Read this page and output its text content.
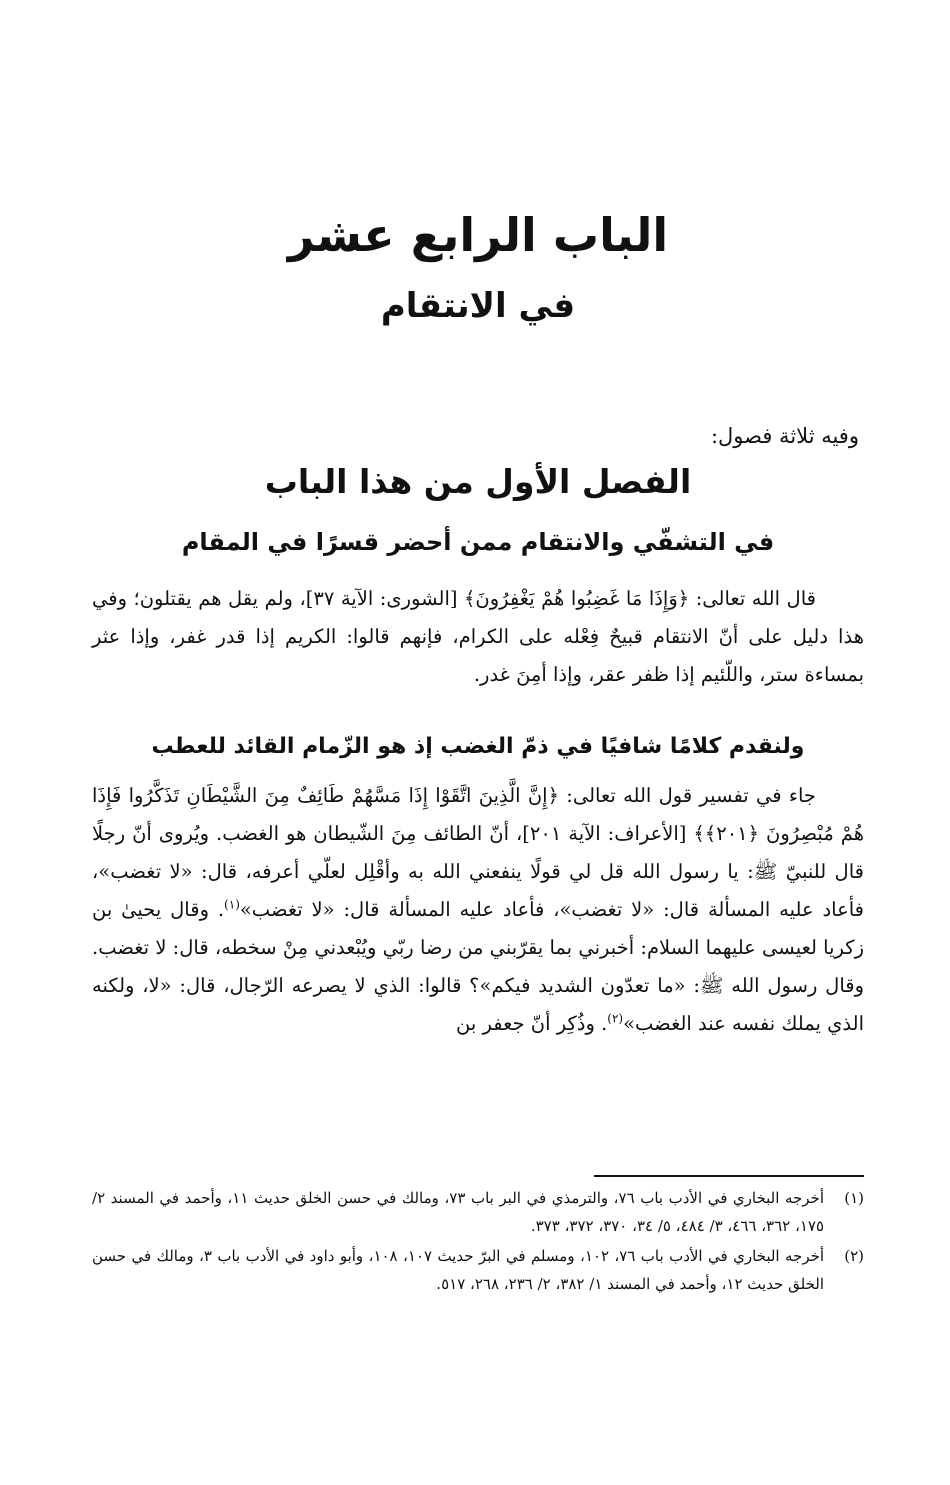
الباب الرابع عشر
في الانتقام

وفيه ثلاثة فصول:

الفصل الأول من هذا الباب
في التشفّي والانتقام ممن أحضر قسرًا في المقام

قال الله تعالى: ﴿وَإِذَا مَا غَضِبُوا هُمْ يَغْفِرُونَ﴾ [الشورى: الآية ٣٧]، ولم يقل هم يقتلون؛ وفي هذا دليل على أنّ الانتقام قبيحٌ فِعْله على الكرام، فإنهم قالوا: الكريم إذا قدر غفر، وإذا عثر بمساءة ستر، واللّئيم إذا ظفر عقر، وإذا أمِنَ غدر.

ولنقدم كلامًا شافيًا في ذمّ الغضب إذ هو الزّمام القائد للعطب

جاء في تفسير قول الله تعالى: ﴿إِنَّ الَّذِينَ اتَّقَوْا إِذَا مَسَّهُمْ طَائِفٌ مِنَ الشَّيْطَانِ تَذَكَّرُوا فَإِذَا هُمْ مُبْصِرُونَ ﴿٢٠١﴾﴾ [الأعراف: الآية ٢٠١]، أنّ الطائف مِنَ الشّيطان هو الغضب. ويُروى أنّ رجلًا قال للنبيّ ﷺ: يا رسول الله قل لي قولًا ينفعني الله به وأقْلِل لعلّي أعرفه، قال: «لا تغضب»، فأعاد عليه المسألة قال: «لا تغضب»، فأعاد عليه المسألة قال: «لا تغضب»$^{(١)}$. وقال يحيىٰ بن زكريا لعيسى عليهما السلام: أخبرني بما يقرّبني من رضا ربّي ويُبْعدني مِنْ سخطه، قال: لا تغضب. وقال رسول الله ﷺ: «ما تعدّون الشديد فيكم»؟ قالوا: الذي لا يصرعه الرّجال، قال: «لا، ولكنه الذي يملك نفسه عند الغضب»$^{(٢)}$. وذُكِر أنّ جعفر بن

(١)
أخرجه البخاري في الأدب باب ٧٦، والترمذي في البر باب ٧٣، ومالك في حسن الخلق حديث ١١، وأحمد في المسند ٢/ ١٧٥، ٣٦٢، ٤٦٦، ٣/ ٤٨٤، ٥/ ٣٤، ٣٧٠، ٣٧٢، ٣٧٣.
(٢)
أخرجه البخاري في الأدب باب ٧٦، ١٠٢، ومسلم في البرّ حديث ١٠٧، ١٠٨، وأبو داود في الأدب باب ٣، ومالك في حسن الخلق حديث ١٢، وأحمد في المسند ١/ ٣٨٢، ٢/ ٢٣٦، ٢٦٨، ٥١٧.
